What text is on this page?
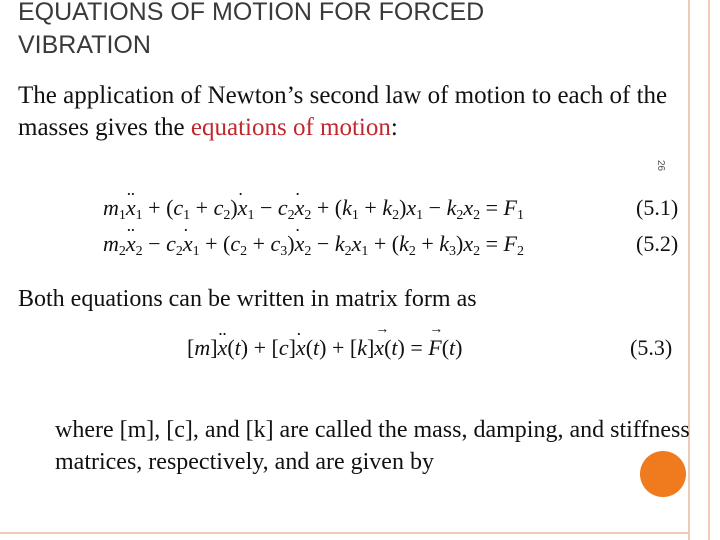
EQUATIONS OF MOTION FOR FORCED
VIBRATION

The application of Newton’s second law of motion to each of the masses gives the equations of motion:

26
$m_1x \cdot\cdot_1 + (c_1 + c_2)x \cdot_1 - c_2x \cdot_2 + (k_1 + k_2)x_1 - k_2x_2 = F_1$	(5.1)
$m_2x \cdot\cdot_2 - c_2x \cdot_1 + (c_2 + c_3)x \cdot_2 - k_2x_1 + (k_2 + k_3)x_2 = F_2$	(5.2)

Both equations can be written in matrix form as

[m]x ··(t) + [c]x ·(t) + [k]x →(t) = F →(t)	(5.3)

where [m], [c], and [k] are called the mass, damping, and stiffness matrices, respectively, and are given by
